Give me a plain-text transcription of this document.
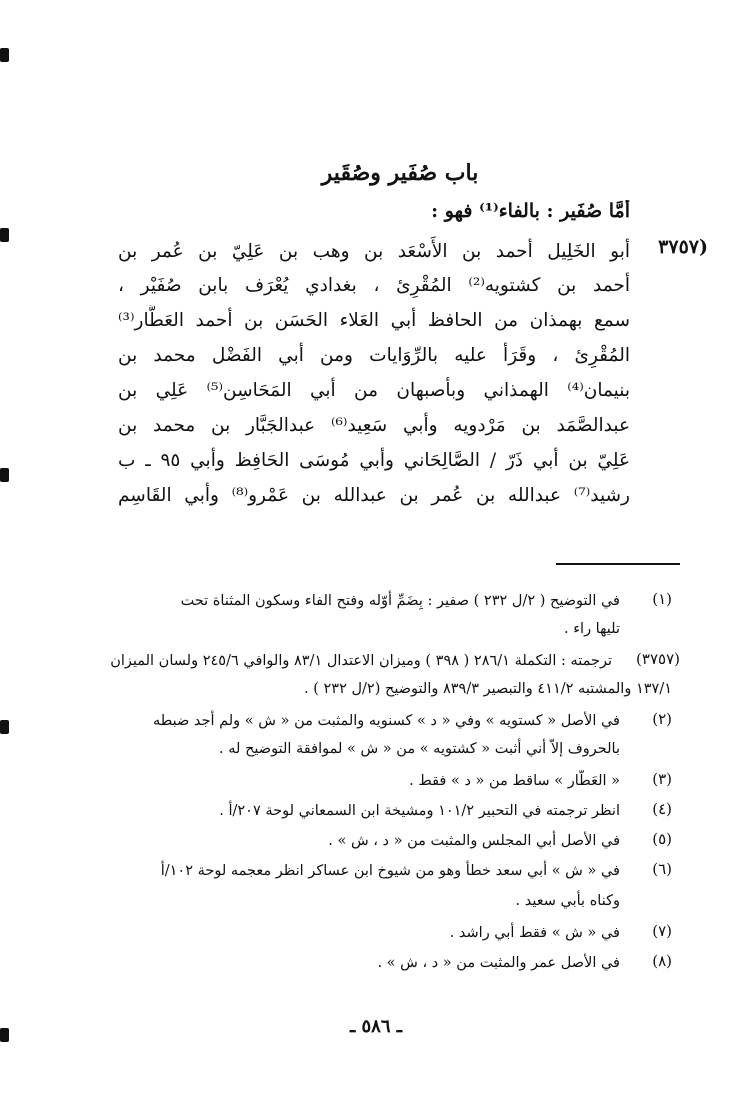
باب صُفَير وصُقَير
أَمَّا صُفَير : بالفاء⁽¹⁾ فهو :
(٣٧٥٧
أبو الخَلِيل أحمد بن الأَسْعَد بن وهب بن عَلِيّ بن عُمر بن
أحمد بن كشتويه⁽²⁾ المُقْرِئ ، بغدادي يُعْرَف بابن صُفَيْر ،
سمع بهمذان من الحافظ أبي العَلاء الحَسَن بن أحمد العَطَّار⁽³⁾
المُقْرِئ ، وقَرَأ عليه بالرِّوَايات ومن أبي الفَضْل محمد بن
بنيمان⁽⁴⁾ الهمذاني وبأصبهان من أبي المَحَاسِن⁽⁵⁾ عَلِي بن
عبدالصَّمَد بن مَرْدويه وأبي سَعِيد⁽⁶⁾ عبدالجَبَّار بن محمد بن
عَلِيّ بن أبي ذَرّ / الصَّالِحَاني وأبي مُوسَى الحَافِظ وأبي ٩٥ ـ ب
رشيد⁽⁷⁾ عبدالله بن عُمر بن عبدالله بن عَمْرو⁽⁸⁾ وأبي القَاسِم
(١)
في التوضيح ( ٢/ل ٢٣٢ ) صفير : بِضَمِّ أوّله وفتح الفاء وسكون المثناة تحت
تليها راء .
(٣٧٥٧)
ترجمته : التكملة ٢٨٦/١ ( ٣٩٨ ) وميزان الاعتدال ٨٣/١ والوافي ٢٤٥/٦ ولسان الميزان
١٣٧/١ والمشتبه ٤١١/٢ والتبصير ٨٣٩/٣ والتوضيح (٢/ل ٢٣٢ ) .
(٢)
في الأصل « كستويه » وفي « د » كسنويه والمثبت من « ش » ولم أجد ضبطه
بالحروف إلاّ أني أثبت « كشتويه » من « ش » لموافقة التوضيح له .
(٣)
« العَطَّار » ساقط من « د » فقط .
(٤)
انظر ترجمته في التحبير ١٠١/٢ ومشيخة ابن السمعاني لوحة ٢٠٧/أ .
(٥)
في الأصل أبي المجلس والمثبت من « د ، ش » .
(٦)
في « ش » أبي سعد خطأ وهو من شيوخ ابن عساكر انظر معجمه لوحة ١٠٢/أ
وكناه بأبي سعيد .
(٧)
في « ش » فقط أبي راشد .
(٨)
في الأصل عمر والمثبت من « د ، ش » .
ـ ٥٨٦ ـ
